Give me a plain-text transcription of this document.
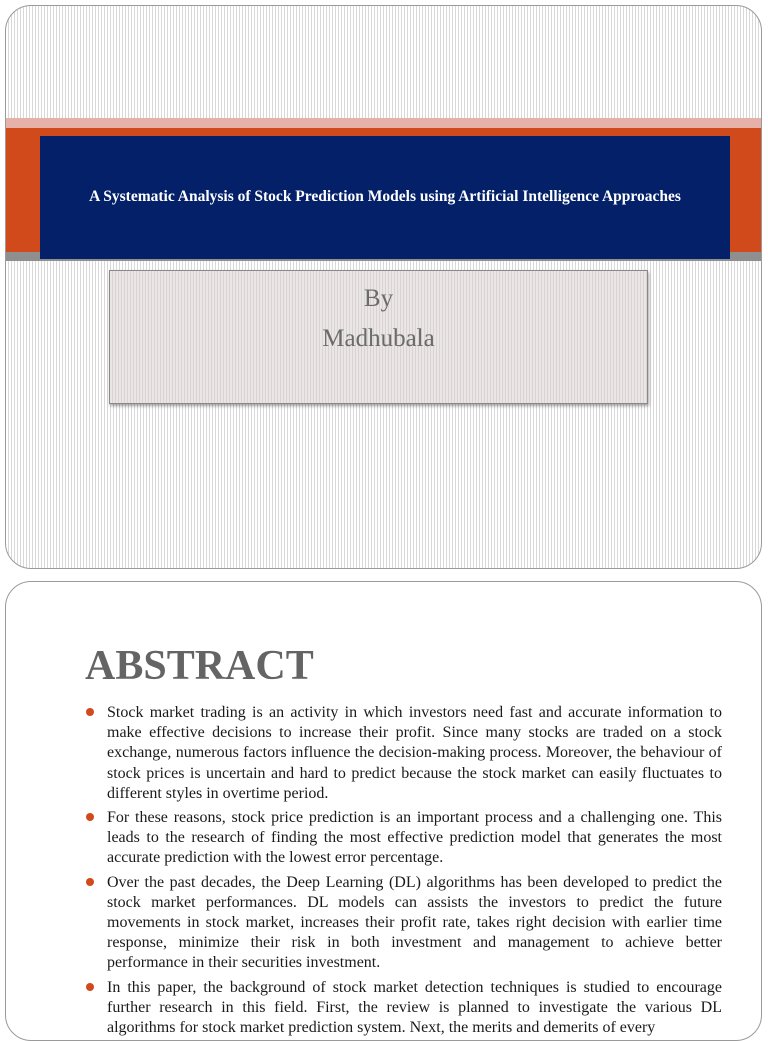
A Systematic Analysis of Stock Prediction Models using Artificial Intelligence Approaches
By
Madhubala
ABSTRACT
Stock market trading is an activity in which investors need fast and accurate information to make effective decisions to increase their profit. Since many stocks are traded on a stock exchange, numerous factors influence the decision-making process. Moreover, the behaviour of stock prices is uncertain and hard to predict because the stock market can easily fluctuates to different styles in overtime period.
For these reasons, stock price prediction is an important process and a challenging one. This leads to the research of finding the most effective prediction model that generates the most accurate prediction with the lowest error percentage.
Over the past decades, the Deep Learning (DL) algorithms has been developed to predict the stock market performances. DL models can assists the investors to predict the future movements in stock market, increases their profit rate, takes right decision with earlier time response, minimize their risk in both investment and management to achieve better performance in their securities investment.
In this paper, the background of stock market detection techniques is studied to encourage further research in this field. First, the review is planned to investigate the various DL algorithms for stock market prediction system. Next, the merits and demerits of every
